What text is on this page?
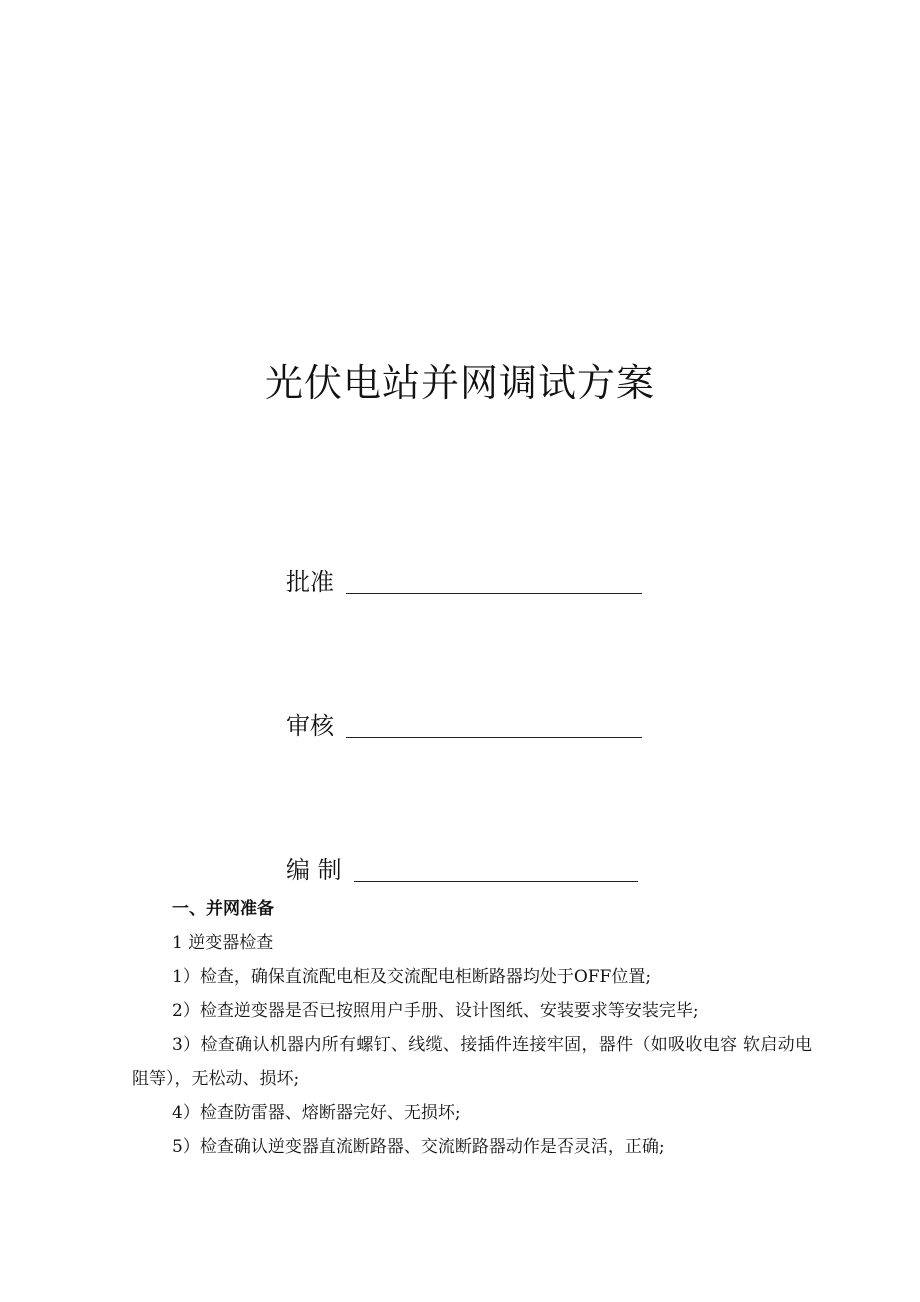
光伏电站并网调试方案
批准
审核
编 制

一、并网准备

1 逆变器检查

1）检查，确保直流配电柜及交流配电柜断路器均处于OFF位置;

2）检查逆变器是否已按照用户手册、设计图纸、安装要求等安装完毕;

3）检查确认机器内所有螺钉、线缆、接插件连接牢固，器件（如吸收电容 软启动电阻等），无松动、损坏;

4）检查防雷器、熔断器完好、无损坏;

5）检查确认逆变器直流断路器、交流断路器动作是否灵活，正确;
